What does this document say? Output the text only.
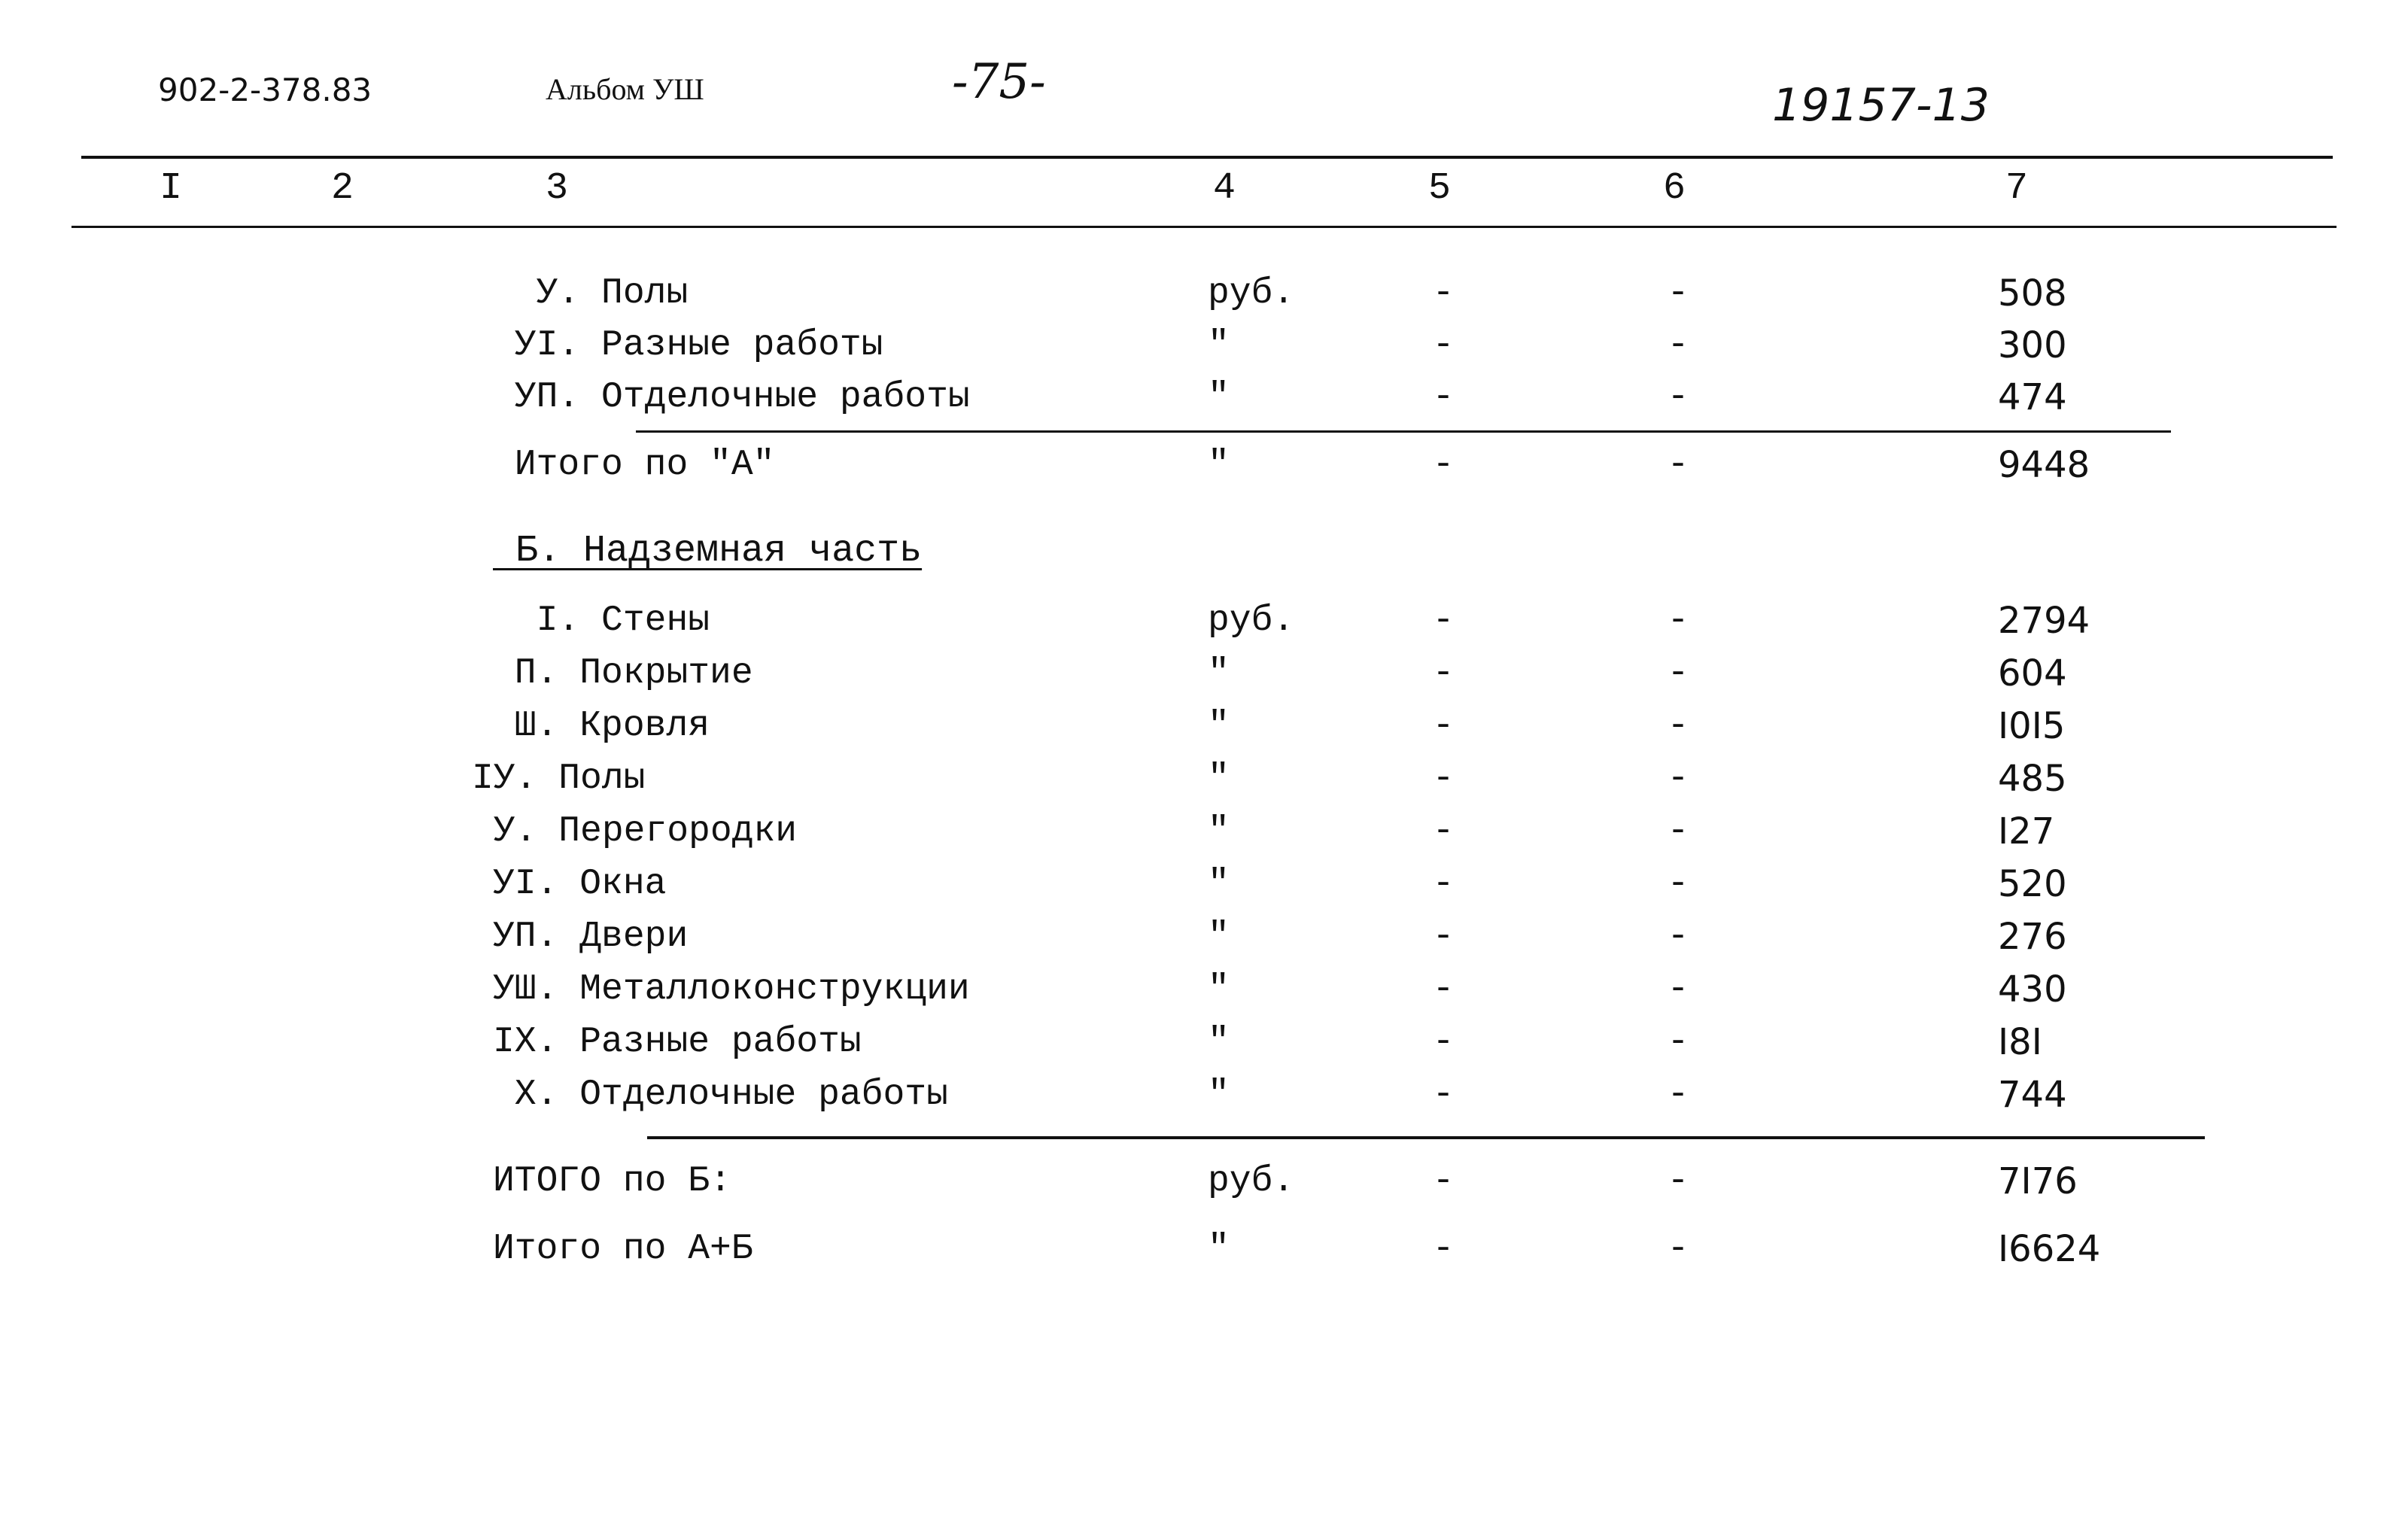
902-2-378.83	Альбом УШ	-75-	19157-13
I	2	3	4	5	6	7
У. Полы	руб.	-	-	508
УI. Разные работы	"	-	-	300
УП. Отделочные работы	"	-	-	474
Итого по "А"	"	-	-	9448
Б. Надземная часть
I. Стены	руб.	-	-	2794
П. Покрытие	"	-	-	604
Ш. Кровля	"	-	-	I0I5
IУ. Полы	"	-	-	485
У. Перегородки	"	-	-	I27
УI. Окна	"	-	-	520
УП. Двери	"	-	-	276
УШ. Металлоконструкции	"	-	-	430
IX. Разные работы	"	-	-	I8I
X. Отделочные работы	"	-	-	744
ИТОГО по Б:	руб.	-	-	7I76
Итого по А+Б	"	-	-	I6624
